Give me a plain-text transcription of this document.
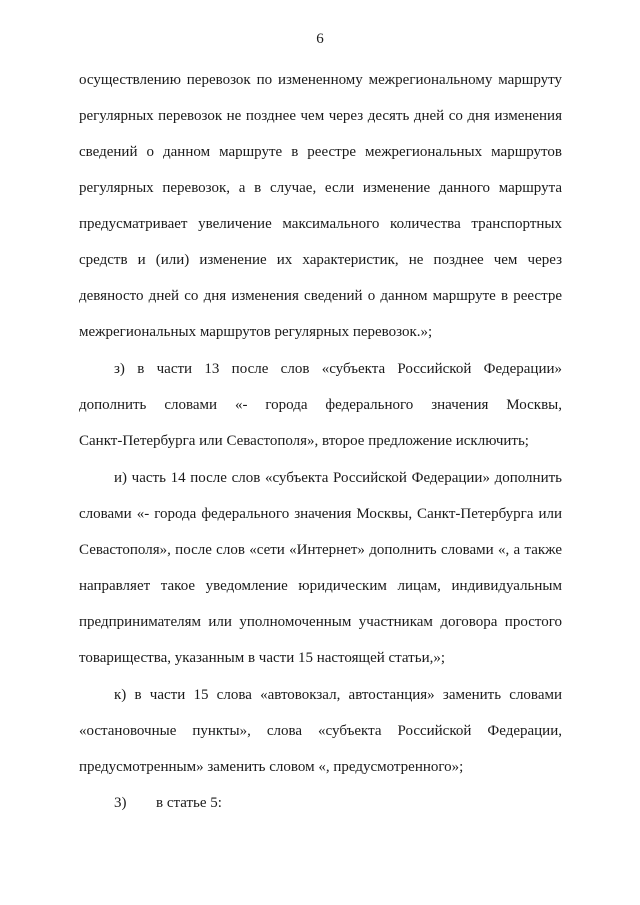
6
осуществлению перевозок по измененному межрегиональному маршруту
регулярных перевозок не позднее чем через десять дней со дня изменения
сведений о данном маршруте в реестре межрегиональных маршрутов
регулярных перевозок, а в случае, если изменение данного маршрута
предусматривает увеличение максимального количества транспортных
средств и (или) изменение их характеристик, не позднее чем через
девяносто дней со дня изменения сведений о данном маршруте в реестре
межрегиональных маршрутов регулярных перевозок.»;
з) в части 13 после слов «субъекта Российской Федерации»
дополнить словами «- города федерального значения Москвы,
Санкт-Петербурга или Севастополя», второе предложение исключить;
и) часть 14 после слов «субъекта Российской Федерации» дополнить
словами «- города федерального значения Москвы, Санкт-Петербурга или
Севастополя», после слов «сети «Интернет» дополнить словами «, а также
направляет такое уведомление юридическим лицам, индивидуальным
предпринимателям или уполномоченным участникам договора простого
товарищества, указанным в части 15 настоящей статьи,»;
к) в части 15 слова «автовокзал, автостанция» заменить словами
«остановочные пункты», слова «субъекта Российской Федерации,
предусмотренным» заменить словом «, предусмотренного»;
3) в статье 5:
